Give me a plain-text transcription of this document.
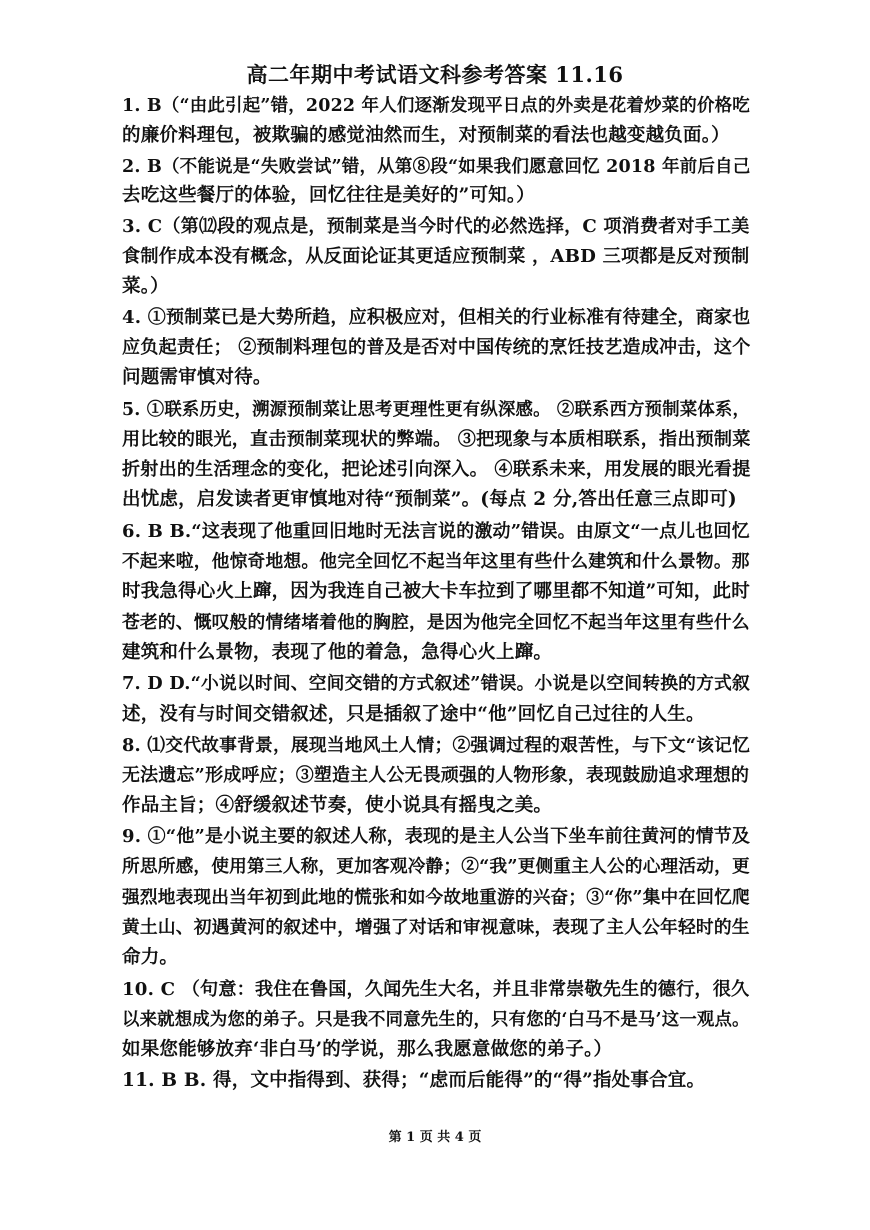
高二年期中考试语文科参考答案 11.16
1. B（“由此引起”错，2022 年人们逐渐发现平日点的外卖是花着炒菜的价格吃
的廉价料理包，被欺骗的感觉油然而生，对预制菜的看法也越变越负面。）
2. B（不能说是“失败尝试”错，从第⑧段“如果我们愿意回忆 2018 年前后自己
去吃这些餐厅的体验，回忆往往是美好的”可知。）
3. C（第⑿段的观点是，预制菜是当今时代的必然选择，C 项消费者对手工美
食制作成本没有概念，从反面论证其更适应预制菜 ，ABD 三项都是反对预制
菜。）
4. ①预制菜已是大势所趋，应积极应对，但相关的行业标准有待建全，商家也
应负起责任； ②预制料理包的普及是否对中国传统的烹饪技艺造成冲击，这个
问题需审慎对待。
5. ①联系历史，溯源预制菜让思考更理性更有纵深感。 ②联系西方预制菜体系，
用比较的眼光，直击预制菜现状的弊端。 ③把现象与本质相联系，指出预制菜
折射出的生活理念的变化，把论述引向深入。 ④联系未来，用发展的眼光看提
出忧虑，启发读者更审慎地对待“预制菜”。(每点 2 分,答出任意三点即可)
6. B B.“这表现了他重回旧地时无法言说的激动”错误。由原文“一点儿也回忆
不起来啦，他惊奇地想。他完全回忆不起当年这里有些什么建筑和什么景物。那
时我急得心火上蹿，因为我连自己被大卡车拉到了哪里都不知道”可知，此时
苍老的、慨叹般的情绪堵着他的胸腔，是因为他完全回忆不起当年这里有些什么
建筑和什么景物，表现了他的着急，急得心火上蹿。
7. D D.“小说以时间、空间交错的方式叙述”错误。小说是以空间转换的方式叙
述，没有与时间交错叙述，只是插叙了途中“他”回忆自己过往的人生。
8. ⑴交代故事背景，展现当地风土人情；②强调过程的艰苦性，与下文“该记忆
无法遗忘”形成呼应；③塑造主人公无畏顽强的人物形象，表现鼓励追求理想的
作品主旨；④舒缓叙述节奏，使小说具有摇曳之美。
9. ①“他”是小说主要的叙述人称，表现的是主人公当下坐车前往黄河的情节及
所思所感，使用第三人称，更加客观冷静；②“我”更侧重主人公的心理活动，更
强烈地表现出当年初到此地的慌张和如今故地重游的兴奋；③“你”集中在回忆爬
黄土山、初遇黄河的叙述中，增强了对话和审视意味，表现了主人公年轻时的生
命力。
10. C （句意：我住在鲁国，久闻先生大名，并且非常崇敬先生的德行，很久
以来就想成为您的弟子。只是我不同意先生的，只有您的‘白马不是马’这一观点。
如果您能够放弃‘非白马’的学说，那么我愿意做您的弟子。）
11. B B. 得，文中指得到、获得；“虑而后能得”的“得”指处事合宜。
第 1 页 共 4 页
